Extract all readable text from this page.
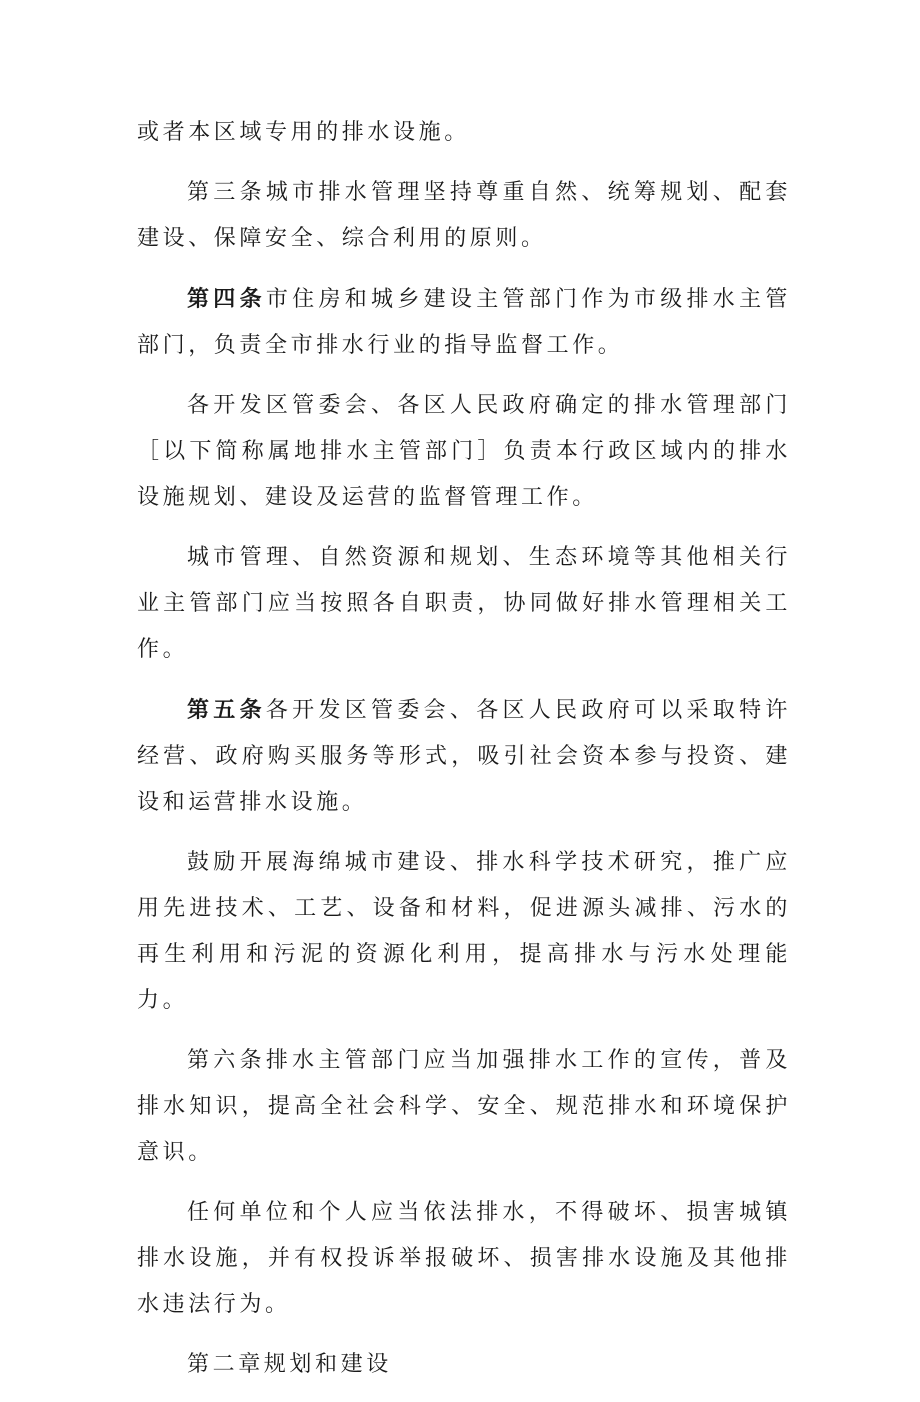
或者本区域专用的排水设施。

第三条城市排水管理坚持尊重自然、统筹规划、配套建设、保障安全、综合利用的原则。

第四条市住房和城乡建设主管部门作为市级排水主管部门，负责全市排水行业的指导监督工作。

各开发区管委会、各区人民政府确定的排水管理部门［以下简称属地排水主管部门］负责本行政区域内的排水设施规划、建设及运营的监督管理工作。

城市管理、自然资源和规划、生态环境等其他相关行业主管部门应当按照各自职责，协同做好排水管理相关工作。

第五条各开发区管委会、各区人民政府可以采取特许经营、政府购买服务等形式，吸引社会资本参与投资、建设和运营排水设施。

鼓励开展海绵城市建设、排水科学技术研究，推广应用先进技术、工艺、设备和材料，促进源头减排、污水的再生利用和污泥的资源化利用，提高排水与污水处理能力。

第六条排水主管部门应当加强排水工作的宣传，普及排水知识，提高全社会科学、安全、规范排水和环境保护意识。

任何单位和个人应当依法排水，不得破坏、损害城镇排水设施，并有权投诉举报破坏、损害排水设施及其他排水违法行为。

第二章规划和建设
